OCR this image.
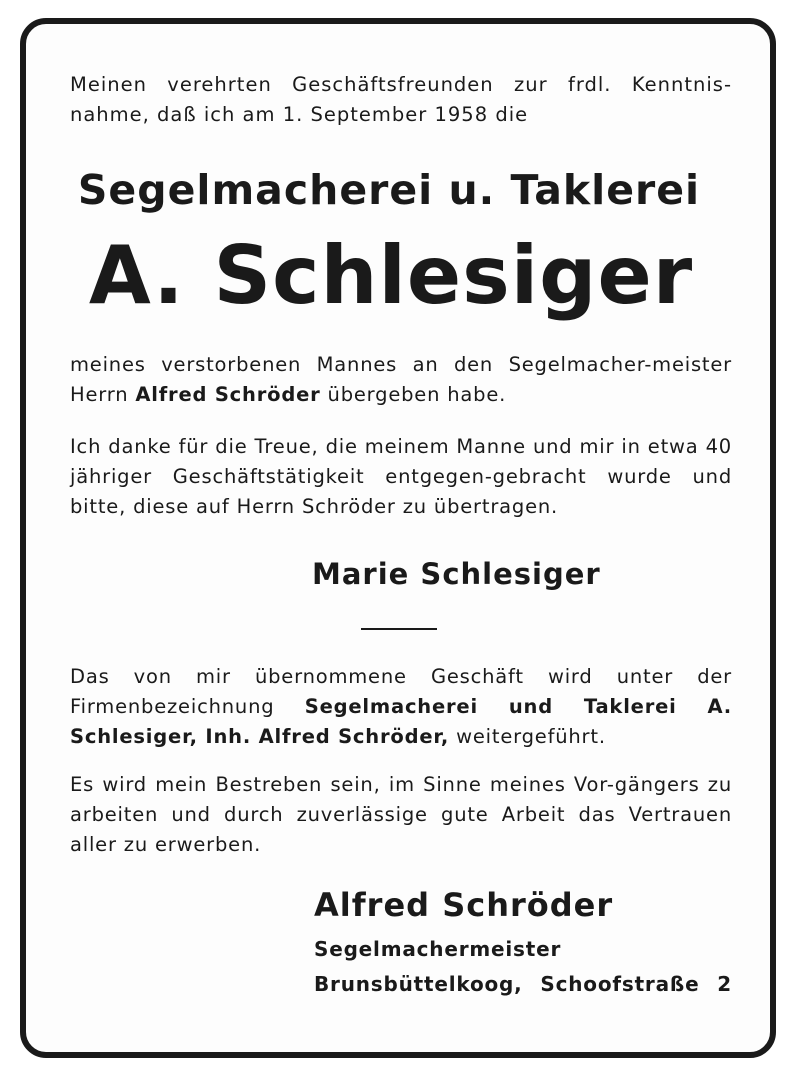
Meinen verehrten Geschäftsfreunden zur frdl. Kenntnis-
nahme, daß ich am 1. September 1958 die

Segelmacherei u. Taklerei
A. Schlesiger

meines verstorbenen Mannes an den Segelmacher-meister Herrn Alfred Schröder übergeben habe.

Ich danke für die Treue, die meinem Manne und mir in etwa 40 jähriger Geschäftstätigkeit entgegen-gebracht wurde und bitte, diese auf Herrn Schröder zu übertragen.

Marie Schlesiger

Das von mir übernommene Geschäft wird unter der Firmenbezeichnung Segelmacherei und Taklerei A. Schlesiger, Inh. Alfred Schröder, weitergeführt.

Es wird mein Bestreben sein, im Sinne meines Vor-gängers zu arbeiten und durch zuverlässige gute Arbeit das Vertrauen aller zu erwerben.

Alfred Schröder
Segelmachermeister
Brunsbüttelkoog, Schoofstraße 2
